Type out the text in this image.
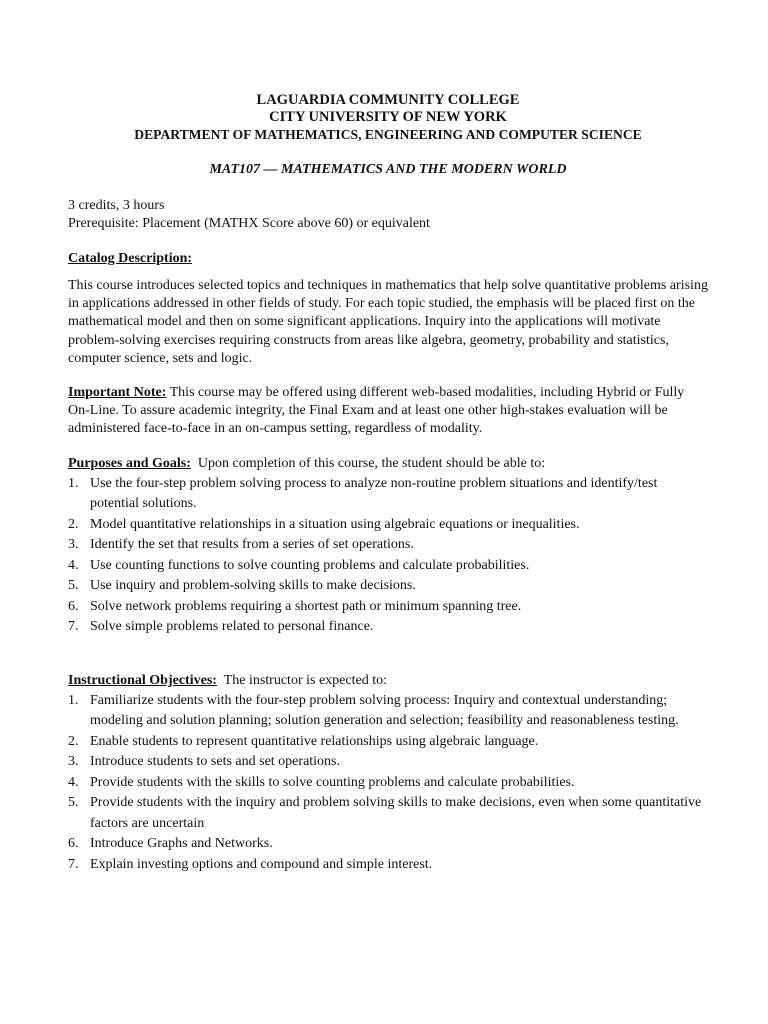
LAGUARDIA COMMUNITY COLLEGE

CITY UNIVERSITY OF NEW YORK

DEPARTMENT OF MATHEMATICS, ENGINEERING AND COMPUTER SCIENCE

MAT107 — MATHEMATICS AND THE MODERN WORLD

3 credits, 3 hours
Prerequisite: Placement (MATHX Score above 60) or equivalent
Catalog Description:

This course introduces selected topics and techniques in mathematics that help solve quantitative problems arising in applications addressed in other fields of study. For each topic studied, the emphasis will be placed first on the mathematical model and then on some significant applications. Inquiry into the applications will motivate problem-solving exercises requiring constructs from areas like algebra, geometry, probability and statistics, computer science, sets and logic.

Important Note: This course may be offered using different web-based modalities, including Hybrid or Fully On-Line. To assure academic integrity, the Final Exam and at least one other high-stakes evaluation will be administered face-to-face in an on-campus setting, regardless of modality.

Purposes and Goals:  Upon completion of this course, the student should be able to:
1. Use the four-step problem solving process to analyze non-routine problem situations and identify/test potential solutions.
2. Model quantitative relationships in a situation using algebraic equations or inequalities.
3. Identify the set that results from a series of set operations.
4. Use counting functions to solve counting problems and calculate probabilities.
5. Use inquiry and problem-solving skills to make decisions.
6. Solve network problems requiring a shortest path or minimum spanning tree.
7. Solve simple problems related to personal finance.
Instructional Objectives:  The instructor is expected to:
1. Familiarize students with the four-step problem solving process: Inquiry and contextual understanding; modeling and solution planning; solution generation and selection; feasibility and reasonableness testing.
2. Enable students to represent quantitative relationships using algebraic language.
3. Introduce students to sets and set operations.
4. Provide students with the skills to solve counting problems and calculate probabilities.
5. Provide students with the inquiry and problem solving skills to make decisions, even when some quantitative factors are uncertain
6. Introduce Graphs and Networks.
7. Explain investing options and compound and simple interest.
